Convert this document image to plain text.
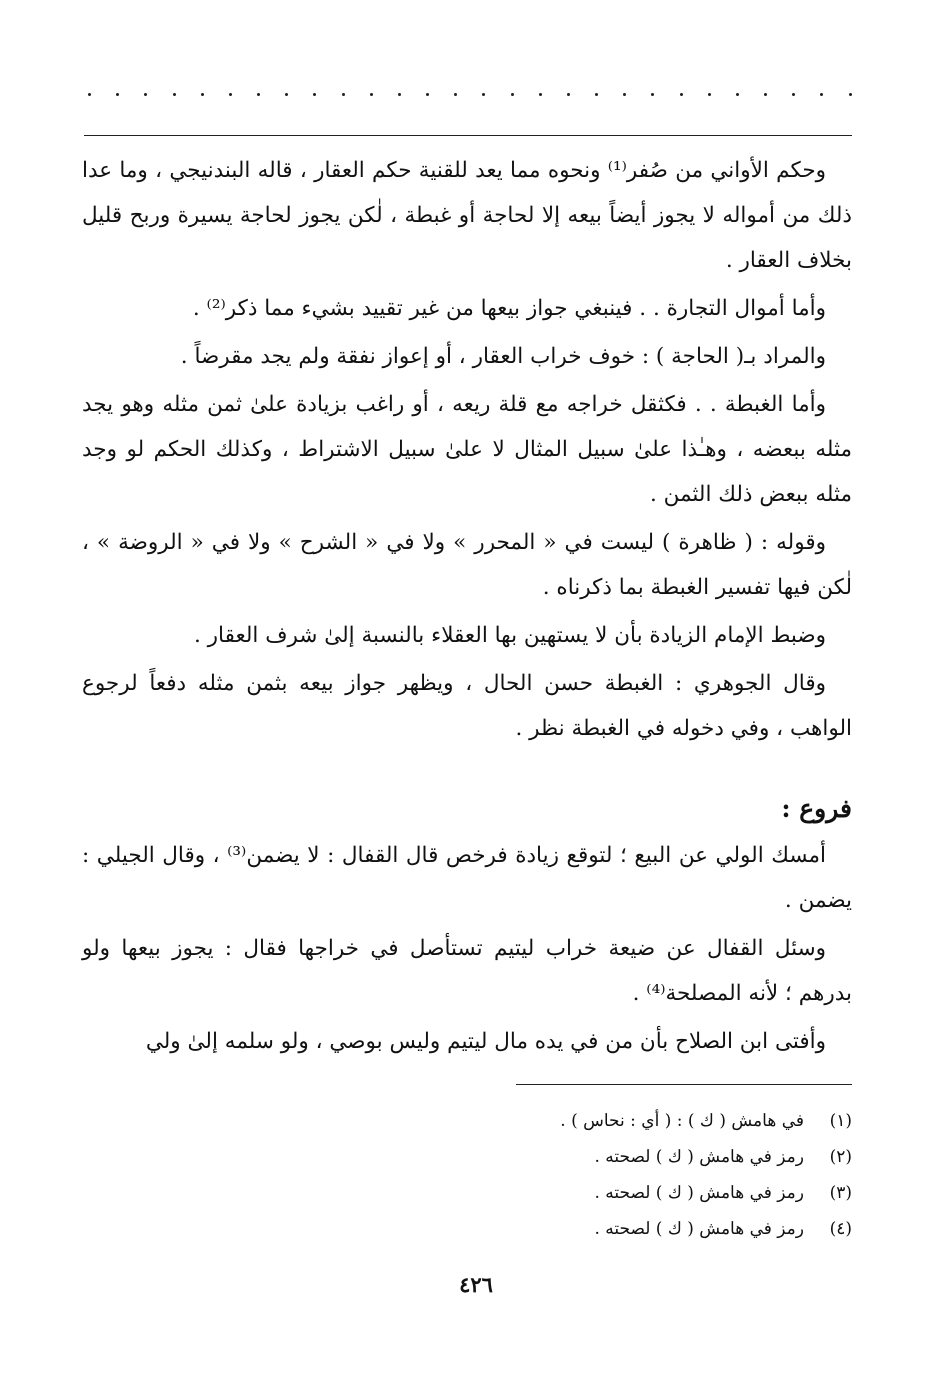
وحكم الأواني من صُفر⁽¹⁾ ونحوه مما يعد للقنية حكم العقار ، قاله البندنيجي ، وما عدا ذلك من أمواله لا يجوز أيضاً بيعه إلا لحاجة أو غبطة ، لٰكن يجوز لحاجة يسيرة وربح قليل بخلاف العقار .

وأما أموال التجارة . . فينبغي جواز بيعها من غير تقييد بشيء مما ذكر⁽²⁾ .

والمراد بـ( الحاجة ) : خوف خراب العقار ، أو إعواز نفقة ولم يجد مقرضاً .

وأما الغبطة . . فكثقل خراجه مع قلة ريعه ، أو راغب بزيادة علىٰ ثمن مثله وهو يجد مثله ببعضه ، وهـٰذا علىٰ سبيل المثال لا علىٰ سبيل الاشتراط ، وكذلك الحكم لو وجد مثله ببعض ذلك الثمن .

وقوله : ( ظاهرة ) ليست في « المحرر » ولا في « الشرح » ولا في « الروضة » ، لٰكن فيها تفسير الغبطة بما ذكرناه .

وضبط الإمام الزيادة بأن لا يستهين بها العقلاء بالنسبة إلىٰ شرف العقار .

وقال الجوهري : الغبطة حسن الحال ، ويظهر جواز بيعه بثمن مثله دفعاً لرجوع الواهب ، وفي دخوله في الغبطة نظر .

فروع :

أمسك الولي عن البيع ؛ لتوقع زيادة فرخص قال القفال : لا يضمن⁽³⁾ ، وقال الجيلي : يضمن .

وسئل القفال عن ضيعة خراب ليتيم تستأصل في خراجها فقال : يجوز بيعها ولو بدرهم ؛ لأنه المصلحة⁽⁴⁾ .

وأفتى ابن الصلاح بأن من في يده مال ليتيم وليس بوصي ، ولو سلمه إلىٰ ولي

(١)
في هامش ( ك ) : ( أي : نحاس ) .
(٢)
رمز في هامش ( ك ) لصحته .
(٣)
رمز في هامش ( ك ) لصحته .
(٤)
رمز في هامش ( ك ) لصحته .
٤٢٦
